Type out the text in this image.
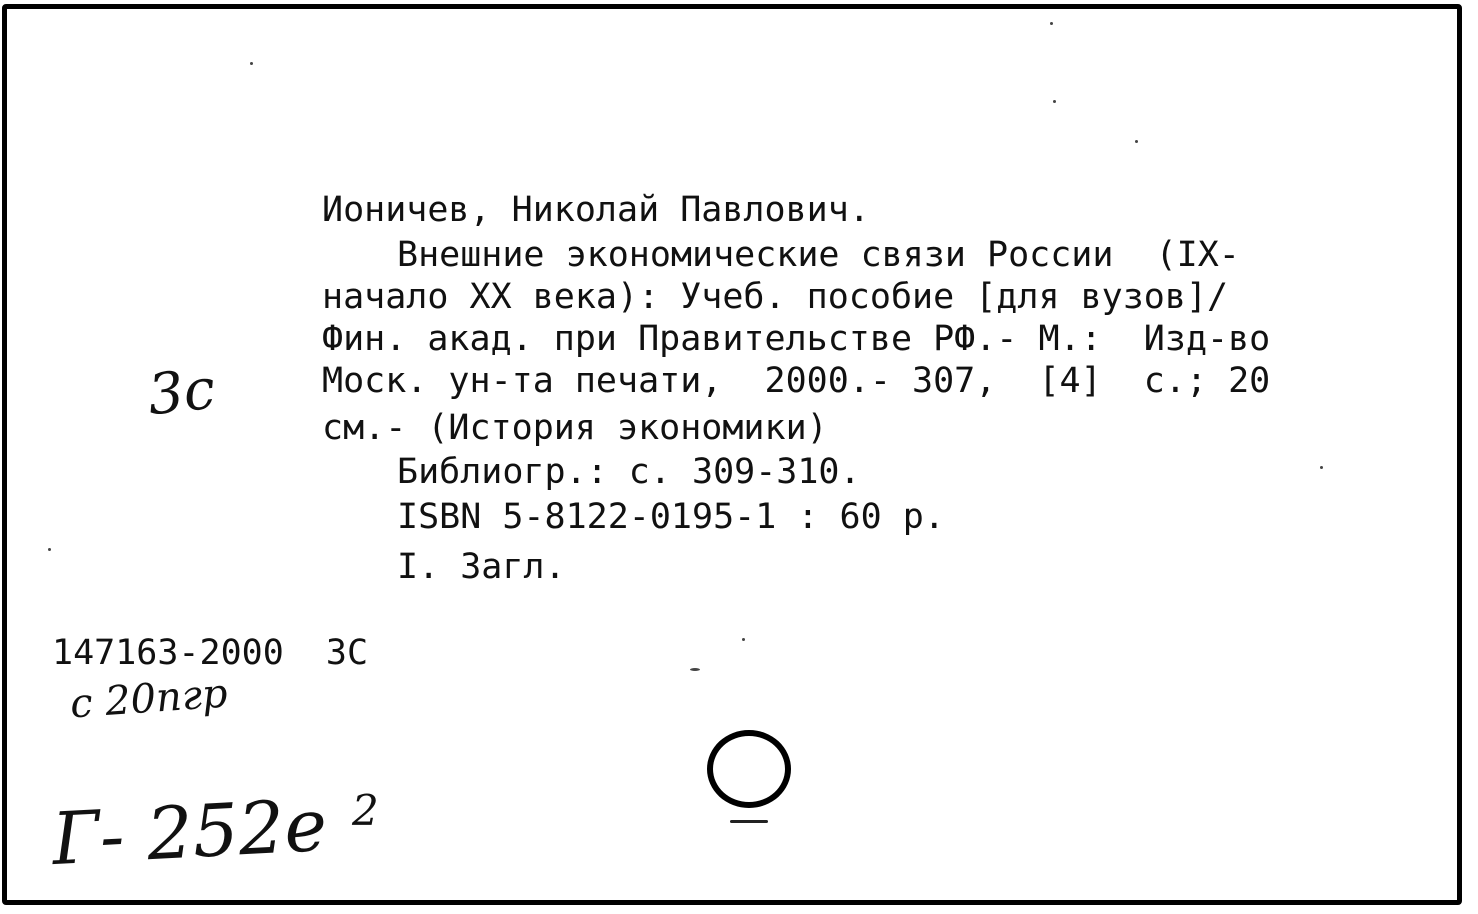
Ионичев, Николай Павлович.
Внешние экономические связи России  (IX-
начало XX века): Учеб. пособие [для вузов]/
Фин. акад. при Правительстве РФ.- М.:  Изд-во
Моск. ун-та печати,  2000.- 307,  [4]  с.; 20
см.- (История экономики)
Библиогр.: с. 309-310.
ISBN 5-8122-0195-1 : 60 р.
I. Загл.
147163-2000  3С
3с
с 20пгр
Г- 252е 2
